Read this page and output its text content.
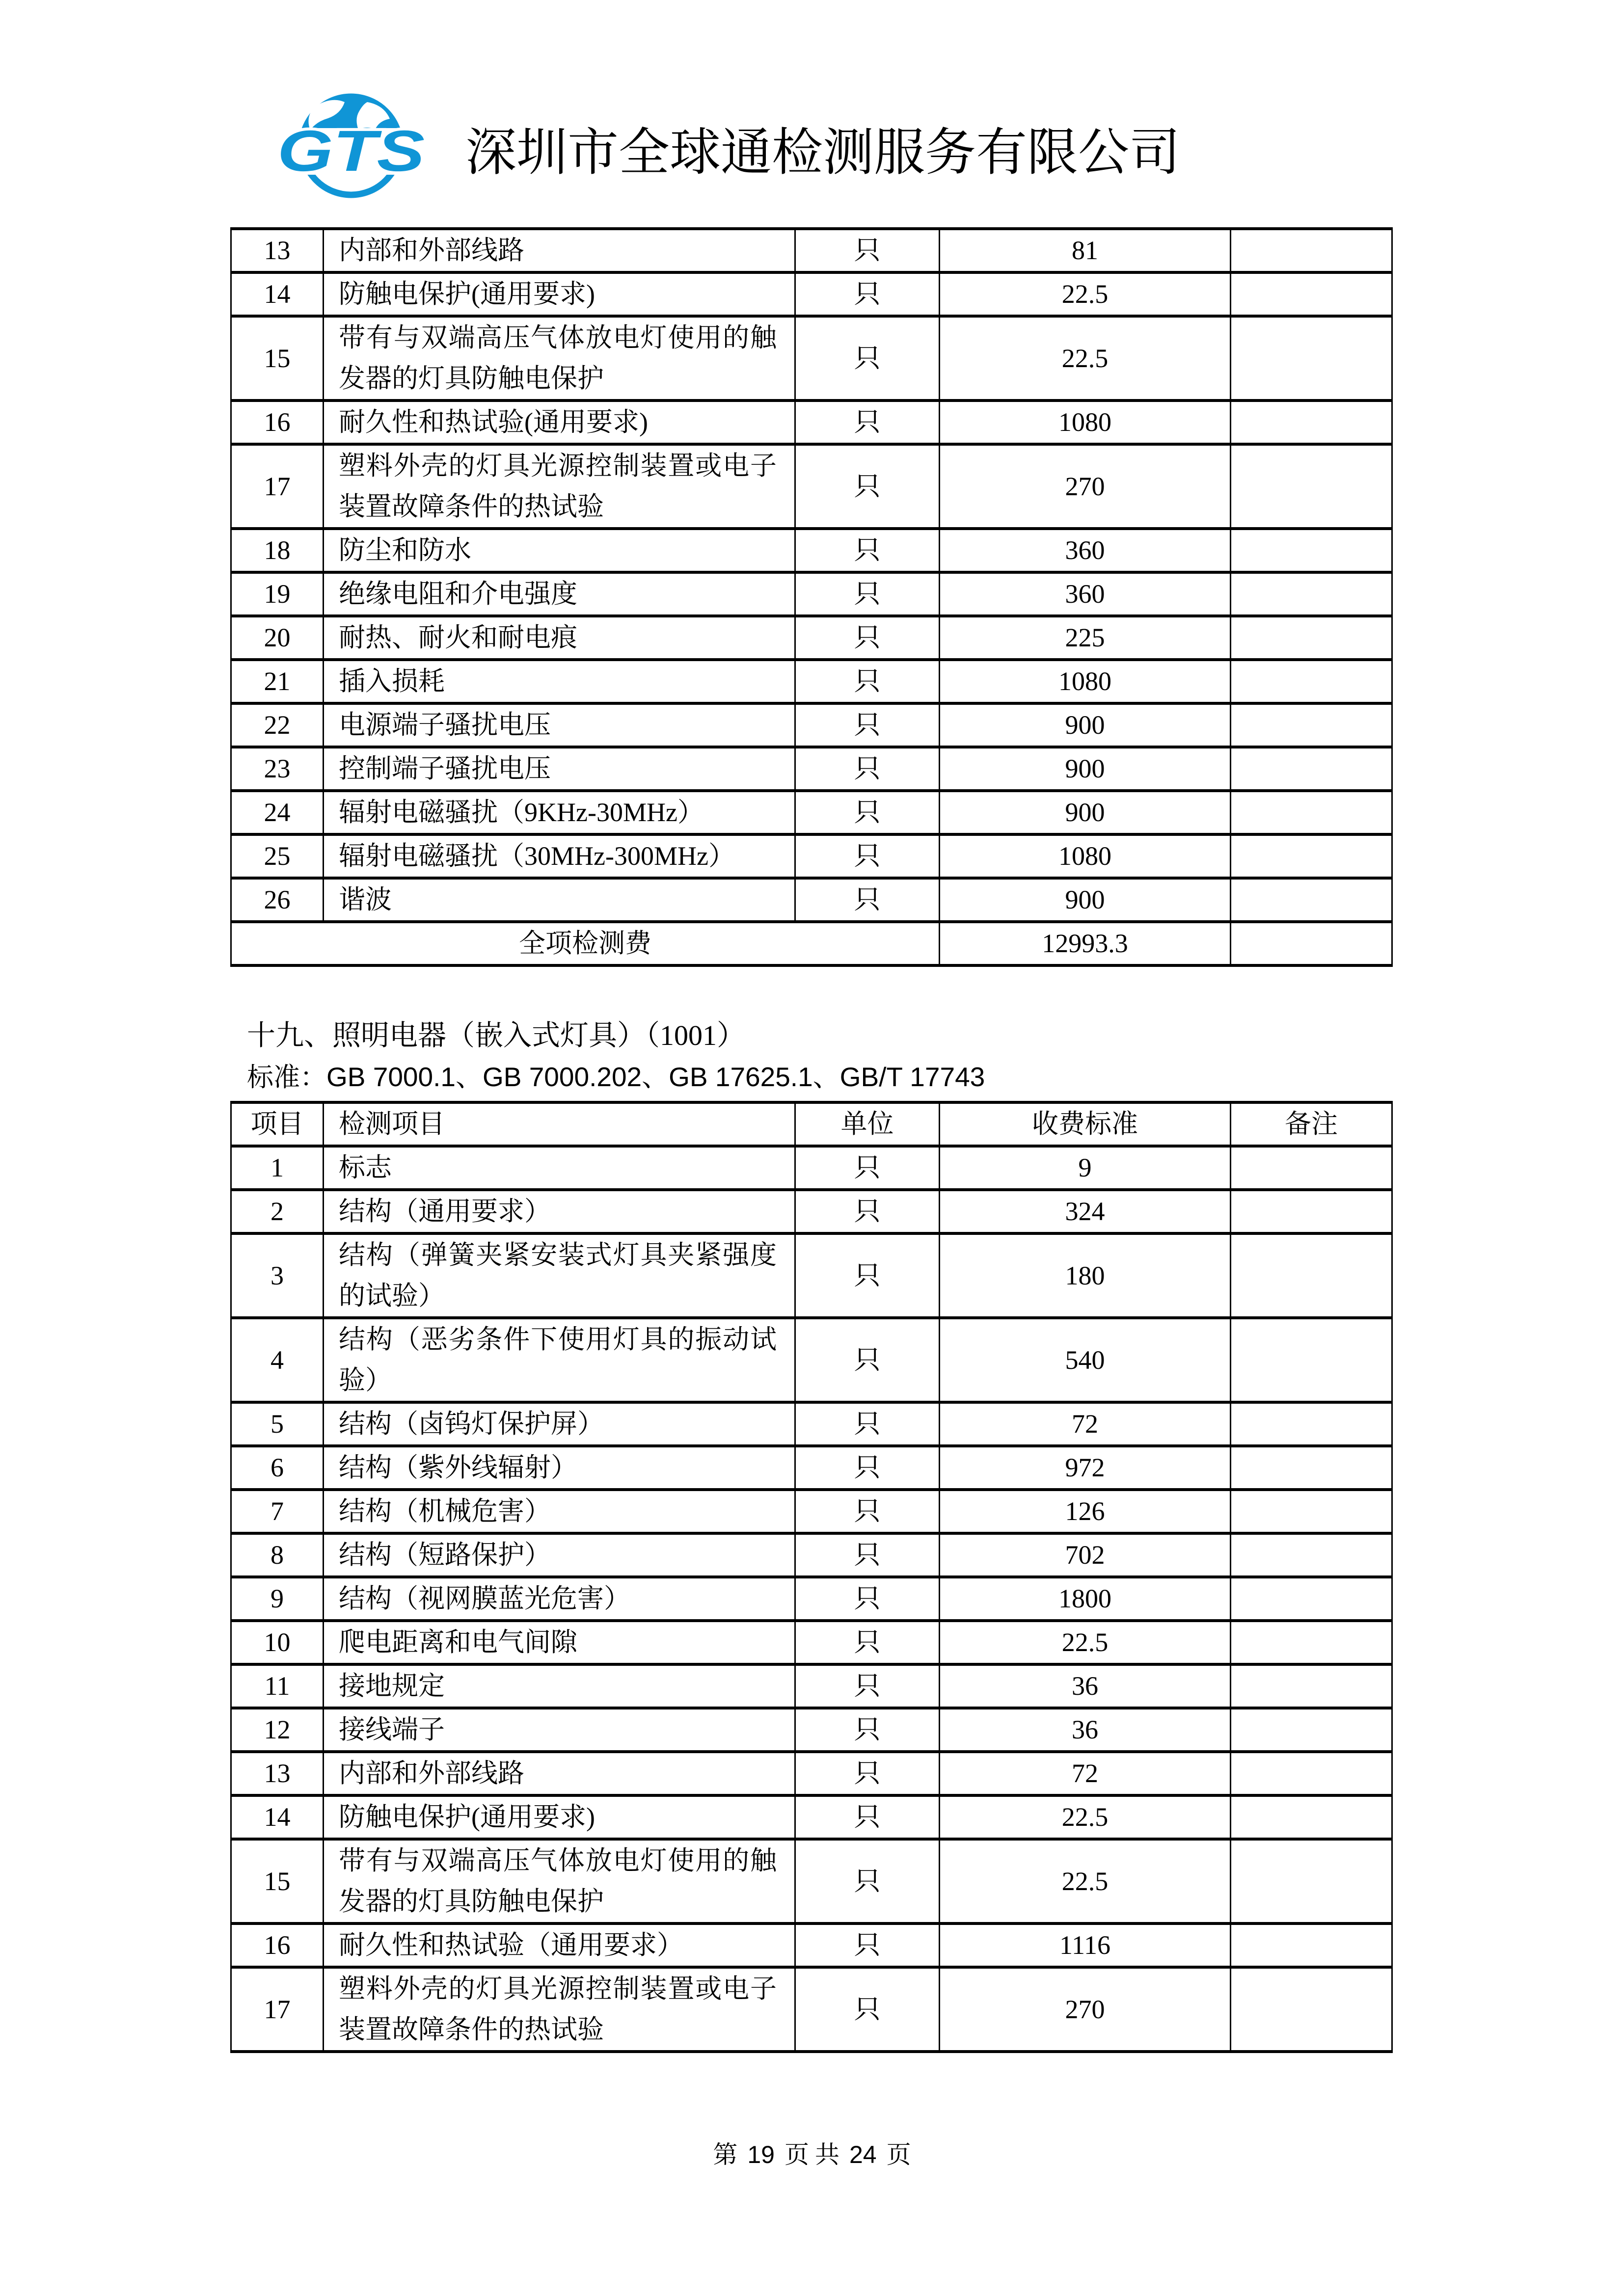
GTS 深圳市全球通检测服务有限公司
13	内部和外部线路	只	81	
14	防触电保护(通用要求)	只	22.5	
15	带有与双端高压气体放电灯使用的触发器的灯具防触电保护	只	22.5	
16	耐久性和热试验(通用要求)	只	1080	
17	塑料外壳的灯具光源控制装置或电子装置故障条件的热试验	只	270	
18	防尘和防水	只	360	
19	绝缘电阻和介电强度	只	360	
20	耐热、耐火和耐电痕	只	225	
21	插入损耗	只	1080	
22	电源端子骚扰电压	只	900	
23	控制端子骚扰电压	只	900	
24	辐射电磁骚扰（9KHz-30MHz）	只	900	
25	辐射电磁骚扰（30MHz-300MHz）	只	1080	
26	谐波	只	900	
全项检测费			12993.3	
十九、照明电器（嵌入式灯具）（1001）
标准：GB 7000.1、GB 7000.202、GB 17625.1、GB/T 17743
项目	检测项目	单位	收费标准	备注
1	标志	只	9	
2	结构（通用要求）	只	324	
3	结构（弹簧夹紧安装式灯具夹紧强度的试验）	只	180	
4	结构（恶劣条件下使用灯具的振动试验）	只	540	
5	结构（卤钨灯保护屏）	只	72	
6	结构（紫外线辐射）	只	972	
7	结构（机械危害）	只	126	
8	结构（短路保护）	只	702	
9	结构（视网膜蓝光危害）	只	1800	
10	爬电距离和电气间隙	只	22.5	
11	接地规定	只	36	
12	接线端子	只	36	
13	内部和外部线路	只	72	
14	防触电保护(通用要求)	只	22.5	
15	带有与双端高压气体放电灯使用的触发器的灯具防触电保护	只	22.5	
16	耐久性和热试验（通用要求）	只	1116	
17	塑料外壳的灯具光源控制装置或电子装置故障条件的热试验	只	270	
第 19 页 共 24 页
